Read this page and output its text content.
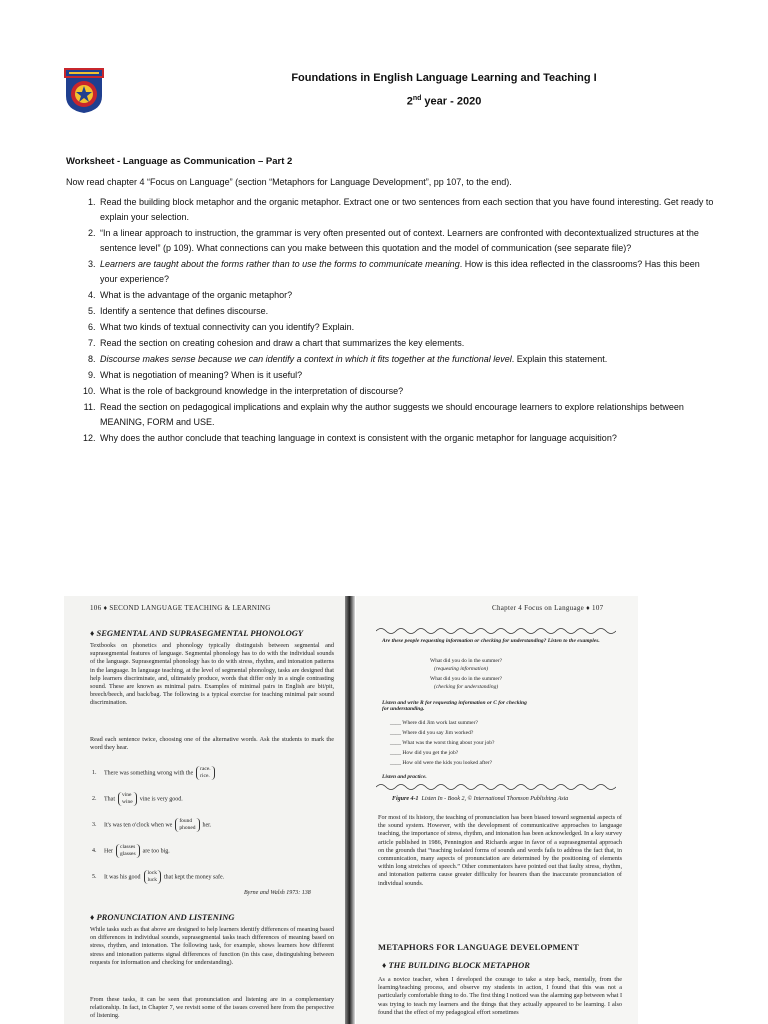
Foundations in English Language Learning and Teaching I
2nd year - 2020
Worksheet - Language as Communication – Part 2
Now read chapter 4 “Focus on Language” (section “Metaphors for Language Development”, pp 107, to the end).
1. Read the building block metaphor and the organic metaphor. Extract one or two sentences from each section that you have found interesting. Get ready to explain your selection.
2. “In a linear approach to instruction, the grammar is very often presented out of context. Learners are confronted with decontextualized structures at the sentence level” (p 109). What connections can you make between this quotation and the model of communication (see separate file)?
3. Learners are taught about the forms rather than to use the forms to communicate meaning. How is this idea reflected in the classrooms? Has this been your experience?
4. What is the advantage of the organic metaphor?
5. Identify a sentence that defines discourse.
6. What two kinds of textual connectivity can you identify? Explain.
7. Read the section on creating cohesion and draw a chart that summarizes the key elements.
8. Discourse makes sense because we can identify a context in which it fits together at the functional level. Explain this statement.
9. What is negotiation of meaning? When is it useful?
10. What is the role of background knowledge in the interpretation of discourse?
11. Read the section on pedagogical implications and explain why the author suggests we should encourage learners to explore relationships between MEANING, FORM and USE.
12. Why does the author conclude that teaching language in context is consistent with the organic metaphor for language acquisition?
106 ♦ SECOND LANGUAGE TEACHING & LEARNING
♦ SEGMENTAL AND SUPRASEGMENTAL PHONOLOGY
Textbooks on phonetics and phonology typically distinguish between segmental and suprasegmental features of language. Segmental phonology has to do with the individual sounds of the language. Suprasegmental phonology has to do with stress, rhythm, and intonation patterns in the language. In language teaching, at the level of segmental phonology, tasks are designed that help learners discriminate, and, ultimately produce, words that differ only in a single contrasting sound. These are known as minimal pairs. Examples of minimal pairs in English are bit/pit, breech/beech, and back/bag. The following is a typical exercise for teaching minimal pair sound discrimination.
Read each sentence twice, choosing one of the alternative words. Ask the students to mark the word they hear.
1. There was something wrong with therace.
rice.
2. Thatvine
wine vine is very good.
3. It's was ten o'clock when wefound
phoned her.
4. Herclasses
glasses are too big.
5. It was his goodlock
luck that kept the money safe.
Byrne and Walsh 1973: 138
♦ PRONUNCIATION AND LISTENING
While tasks such as that above are designed to help learners identify differences of meaning based on differences in individual sounds, suprasegmental tasks teach differences of meaning based on stress, rhythm, and intonation. The following task, for example, shows learners how different stress and intonation patterns signal differences of function (in this case, distinguishing between requests for information and checking for understanding).
From these tasks, it can be seen that pronunciation and listening are in a complementary relationship. In fact, in Chapter 7, we revisit some of the issues covered here from the perspective of listening.
Chapter 4 Focus on Language ♦ 107
Are these people requesting information or checking for understanding? Listen to the examples.
What did you do in the summer?
(requesting information)
What did you do in the summer?
(checking for understanding)
Listen and write R for requesting information or C for checking for understanding.
____ Where did Jim work last summer?
____ Where did you say Jim worked?
____ What was the worst thing about your job?
____ How did you get the job?
____ How old were the kids you looked after?
Listen and practice.
Figure 4-1 Listen In - Book 2, © International Thomson Publishing Asia
For most of its history, the teaching of pronunciation has been biased toward segmental aspects of the sound system. However, with the development of communicative approaches to language teaching, the importance of stress, rhythm, and intonation has been acknowledged. In a key survey article published in 1986, Pennington and Richards argue in favor of a suprasegmental approach on the grounds that “teaching isolated forms of sounds and words fails to address the fact that, in communication, many aspects of pronunciation are determined by the positioning of elements within long stretches of speech.” Other commentators have pointed out that faulty stress, rhythm, and intonation patterns cause greater difficulty for hearers than the inaccurate pronunciation of individual sounds.
METAPHORS FOR LANGUAGE DEVELOPMENT
♦ THE BUILDING BLOCK METAPHOR
As a novice teacher, when I developed the courage to take a step back, mentally, from the learning/teaching process, and observe my students in action, I found that this was not a particularly comfortable thing to do. The first thing I noticed was the alarming gap between what I was trying to teach my learners and the things that they actually appeared to be learning. I also found that the effect of my pedagogical effort sometimes
